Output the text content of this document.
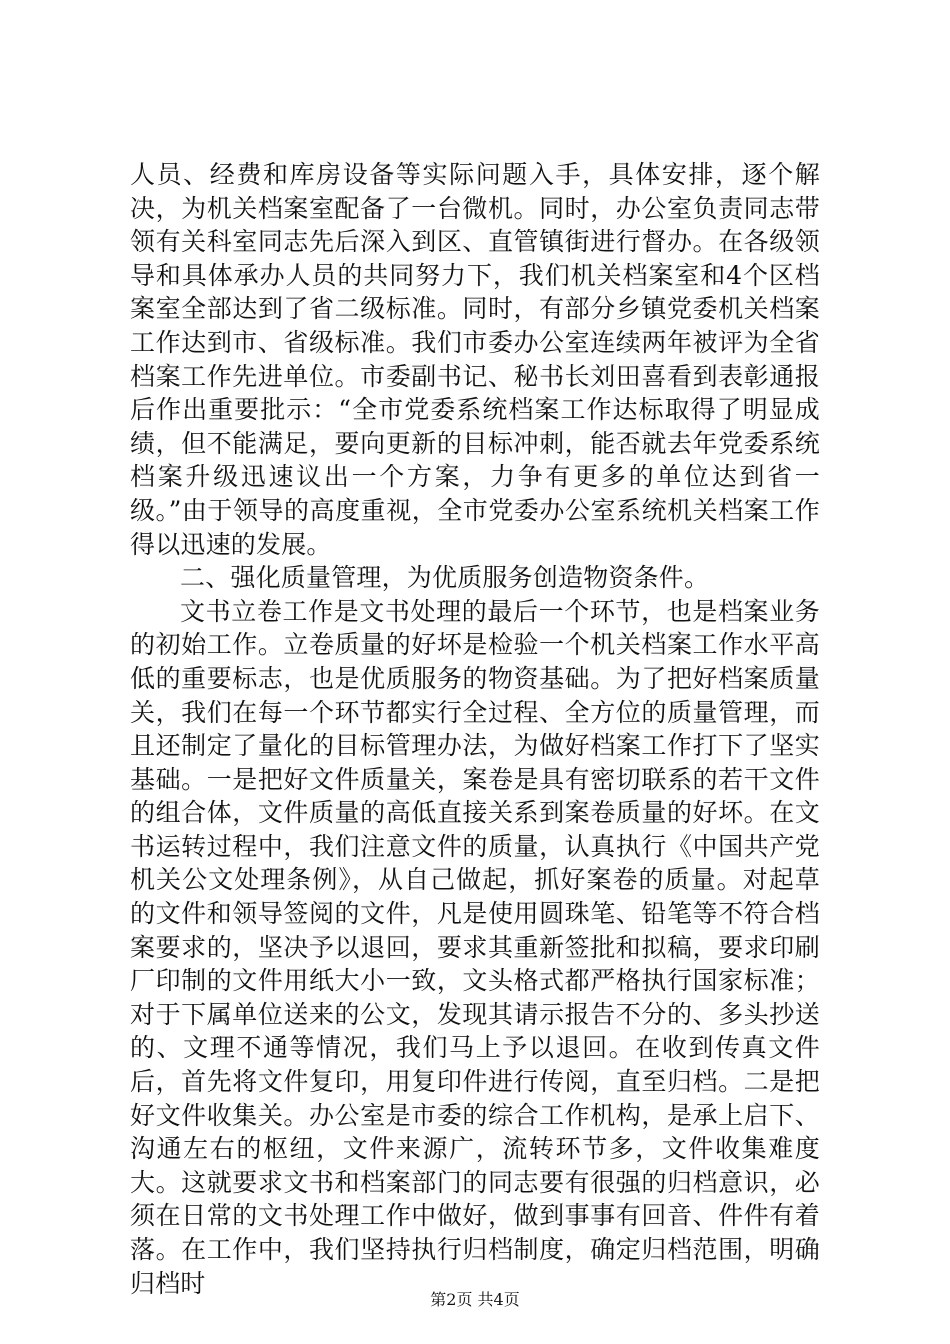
人员、经费和库房设备等实际问题入手，具体安排，逐个解决，为机关档案室配备了一台微机。同时，办公室负责同志带领有关科室同志先后深入到区、直管镇街进行督办。在各级领导和具体承办人员的共同努力下，我们机关档案室和4个区档案室全部达到了省二级标准。同时，有部分乡镇党委机关档案工作达到市、省级标准。我们市委办公室连续两年被评为全省档案工作先进单位。市委副书记、秘书长刘田喜看到表彰通报后作出重要批示：“全市党委系统档案工作达标取得了明显成绩，但不能满足，要向更新的目标冲刺，能否就去年党委系统档案升级迅速议出一个方案，力争有更多的单位达到省一级。”由于领导的高度重视，全市党委办公室系统机关档案工作得以迅速的发展。

二、强化质量管理，为优质服务创造物资条件。

文书立卷工作是文书处理的最后一个环节，也是档案业务的初始工作。立卷质量的好坏是检验一个机关档案工作水平高低的重要标志，也是优质服务的物资基础。为了把好档案质量关，我们在每一个环节都实行全过程、全方位的质量管理，而且还制定了量化的目标管理办法，为做好档案工作打下了坚实基础。一是把好文件质量关，案卷是具有密切联系的若干文件的组合体，文件质量的高低直接关系到案卷质量的好坏。在文书运转过程中，我们注意文件的质量，认真执行《中国共产党机关公文处理条例》，从自己做起，抓好案卷的质量。对起草的文件和领导签阅的文件，凡是使用圆珠笔、铅笔等不符合档案要求的，坚决予以退回，要求其重新签批和拟稿，要求印刷厂印制的文件用纸大小一致，文头格式都严格执行国家标准；对于下属单位送来的公文，发现其请示报告不分的、多头抄送的、文理不通等情况，我们马上予以退回。在收到传真文件后，首先将文件复印，用复印件进行传阅，直至归档。二是把好文件收集关。办公室是市委的综合工作机构，是承上启下、沟通左右的枢纽，文件来源广，流转环节多，文件收集难度大。这就要求文书和档案部门的同志要有很强的归档意识，必须在日常的文书处理工作中做好，做到事事有回音、件件有着落。在工作中，我们坚持执行归档制度，确定归档范围，明确归档时

第2页 共4页
